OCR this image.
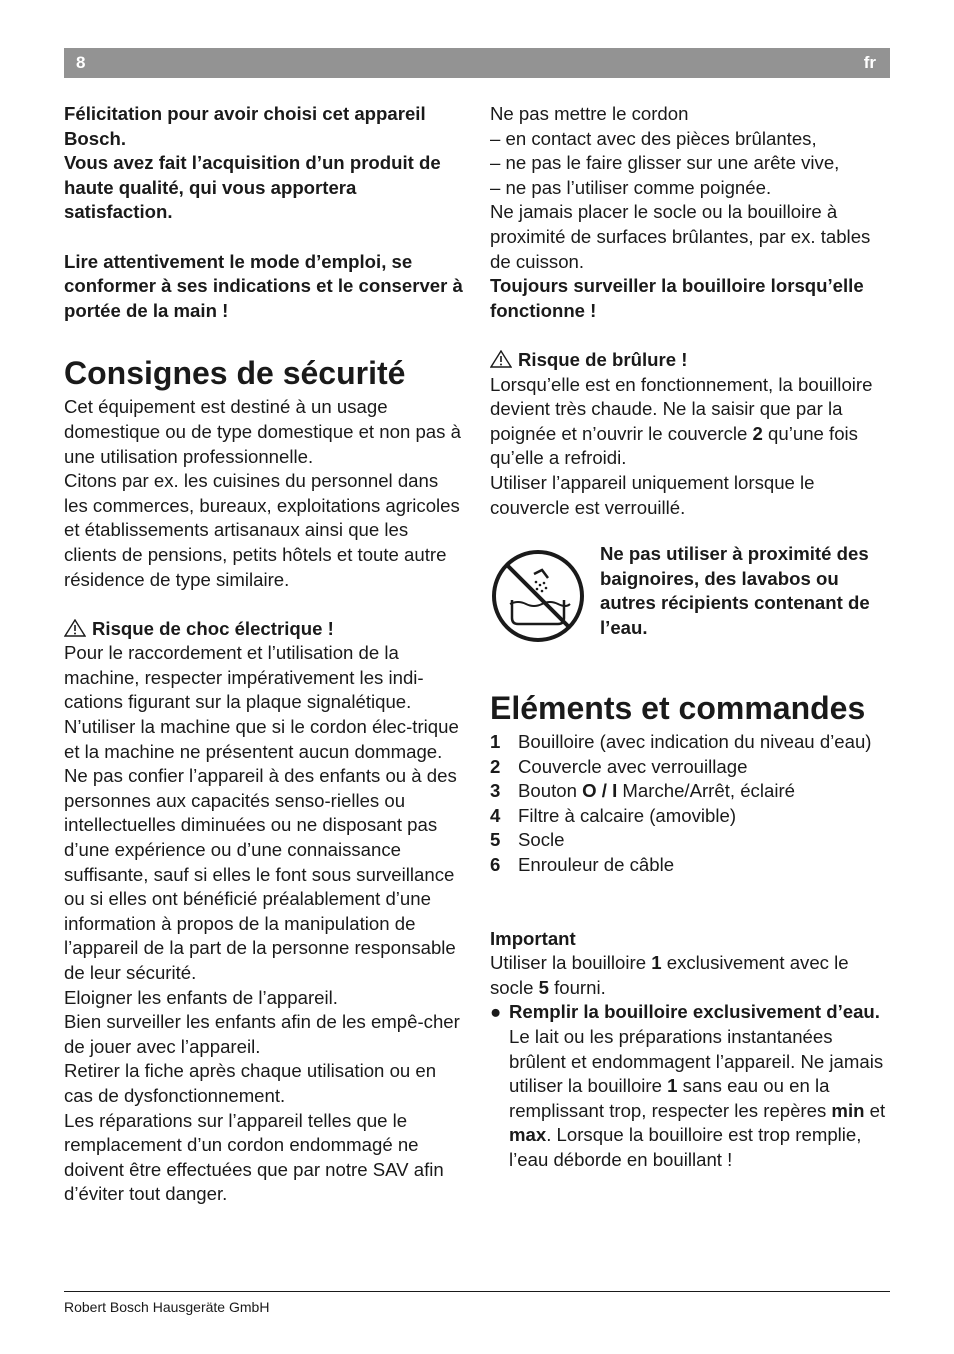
8	fr

Félicitation pour avoir choisi cet appareil Bosch.

Vous avez fait l’acquisition d’un produit de haute qualité, qui vous apportera satisfaction.

Lire attentivement le mode d’emploi, se conformer à ses indications et le conserver à portée de la main !

Consignes de sécurité

Cet équipement est destiné à un usage domestique ou de type domestique et non pas à une utilisation professionnelle.

Citons par ex. les cuisines du personnel dans les commerces, bureaux, exploitations agricoles et établissements artisanaux ainsi que les clients de pensions, petits hôtels et toute autre résidence de type similaire.

Risque de choc électrique !

Pour le raccordement et l’utilisation de la machine, respecter impérativement les indi-cations figurant sur la plaque signalétique.

N’utiliser la machine que si le cordon élec-trique et la machine ne présentent aucun dommage.

Ne pas confier l’appareil à des enfants ou à des personnes aux capacités senso-rielles ou intellectuelles diminuées ou ne disposant pas d’une expérience ou d’une connaissance suffisante, sauf si elles le font sous surveillance ou si elles ont bénéficié préalablement d’une information à propos de la manipulation de l’appareil de la part de la personne responsable de leur sécurité.

Eloigner les enfants de l’appareil.

Bien surveiller les enfants afin de les empê-cher de jouer avec l’appareil.

Retirer la fiche après chaque utilisation ou en cas de dysfonctionnement.

Les réparations sur l’appareil telles que le remplacement d’un cordon endommagé ne doivent être effectuées que par notre SAV afin d’éviter tout danger.

Ne pas mettre le cordon

– en contact avec des pièces brûlantes,
– ne pas le faire glisser sur une arête vive,
– ne pas l’utiliser comme poignée.

Ne jamais placer le socle ou la bouilloire à proximité de surfaces brûlantes, par ex. tables de cuisson.

Toujours surveiller la bouilloire lorsqu’elle fonctionne !

Risque de brûlure !

Lorsqu’elle est en fonctionnement, la bouilloire devient très chaude. Ne la saisir que par la poignée et n’ouvrir le couvercle 2 qu’une fois qu’elle a refroidi.

Utiliser l’appareil uniquement lorsque le couvercle est verrouillé.

Ne pas utiliser à proximité des baignoires, des lavabos ou autres récipients contenant de l’eau.

Eléments et commandes
1 Bouilloire (avec indication du niveau d’eau)
2 Couvercle avec verrouillage
3 Bouton O / I Marche/Arrêt, éclairé
4 Filtre à calcaire (amovible)
5 Socle
6 Enrouleur de câble

Important

Utiliser la bouilloire 1 exclusivement avec le socle 5 fourni.

● Remplir la bouilloire exclusivement d’eau. Le lait ou les préparations instantanées brûlent et endommagent l’appareil. Ne jamais utiliser la bouilloire 1 sans eau ou en la remplissant trop, respecter les repères min et max. Lorsque la bouilloire est trop remplie, l’eau déborde en bouillant !

Robert Bosch Hausgeräte GmbH
